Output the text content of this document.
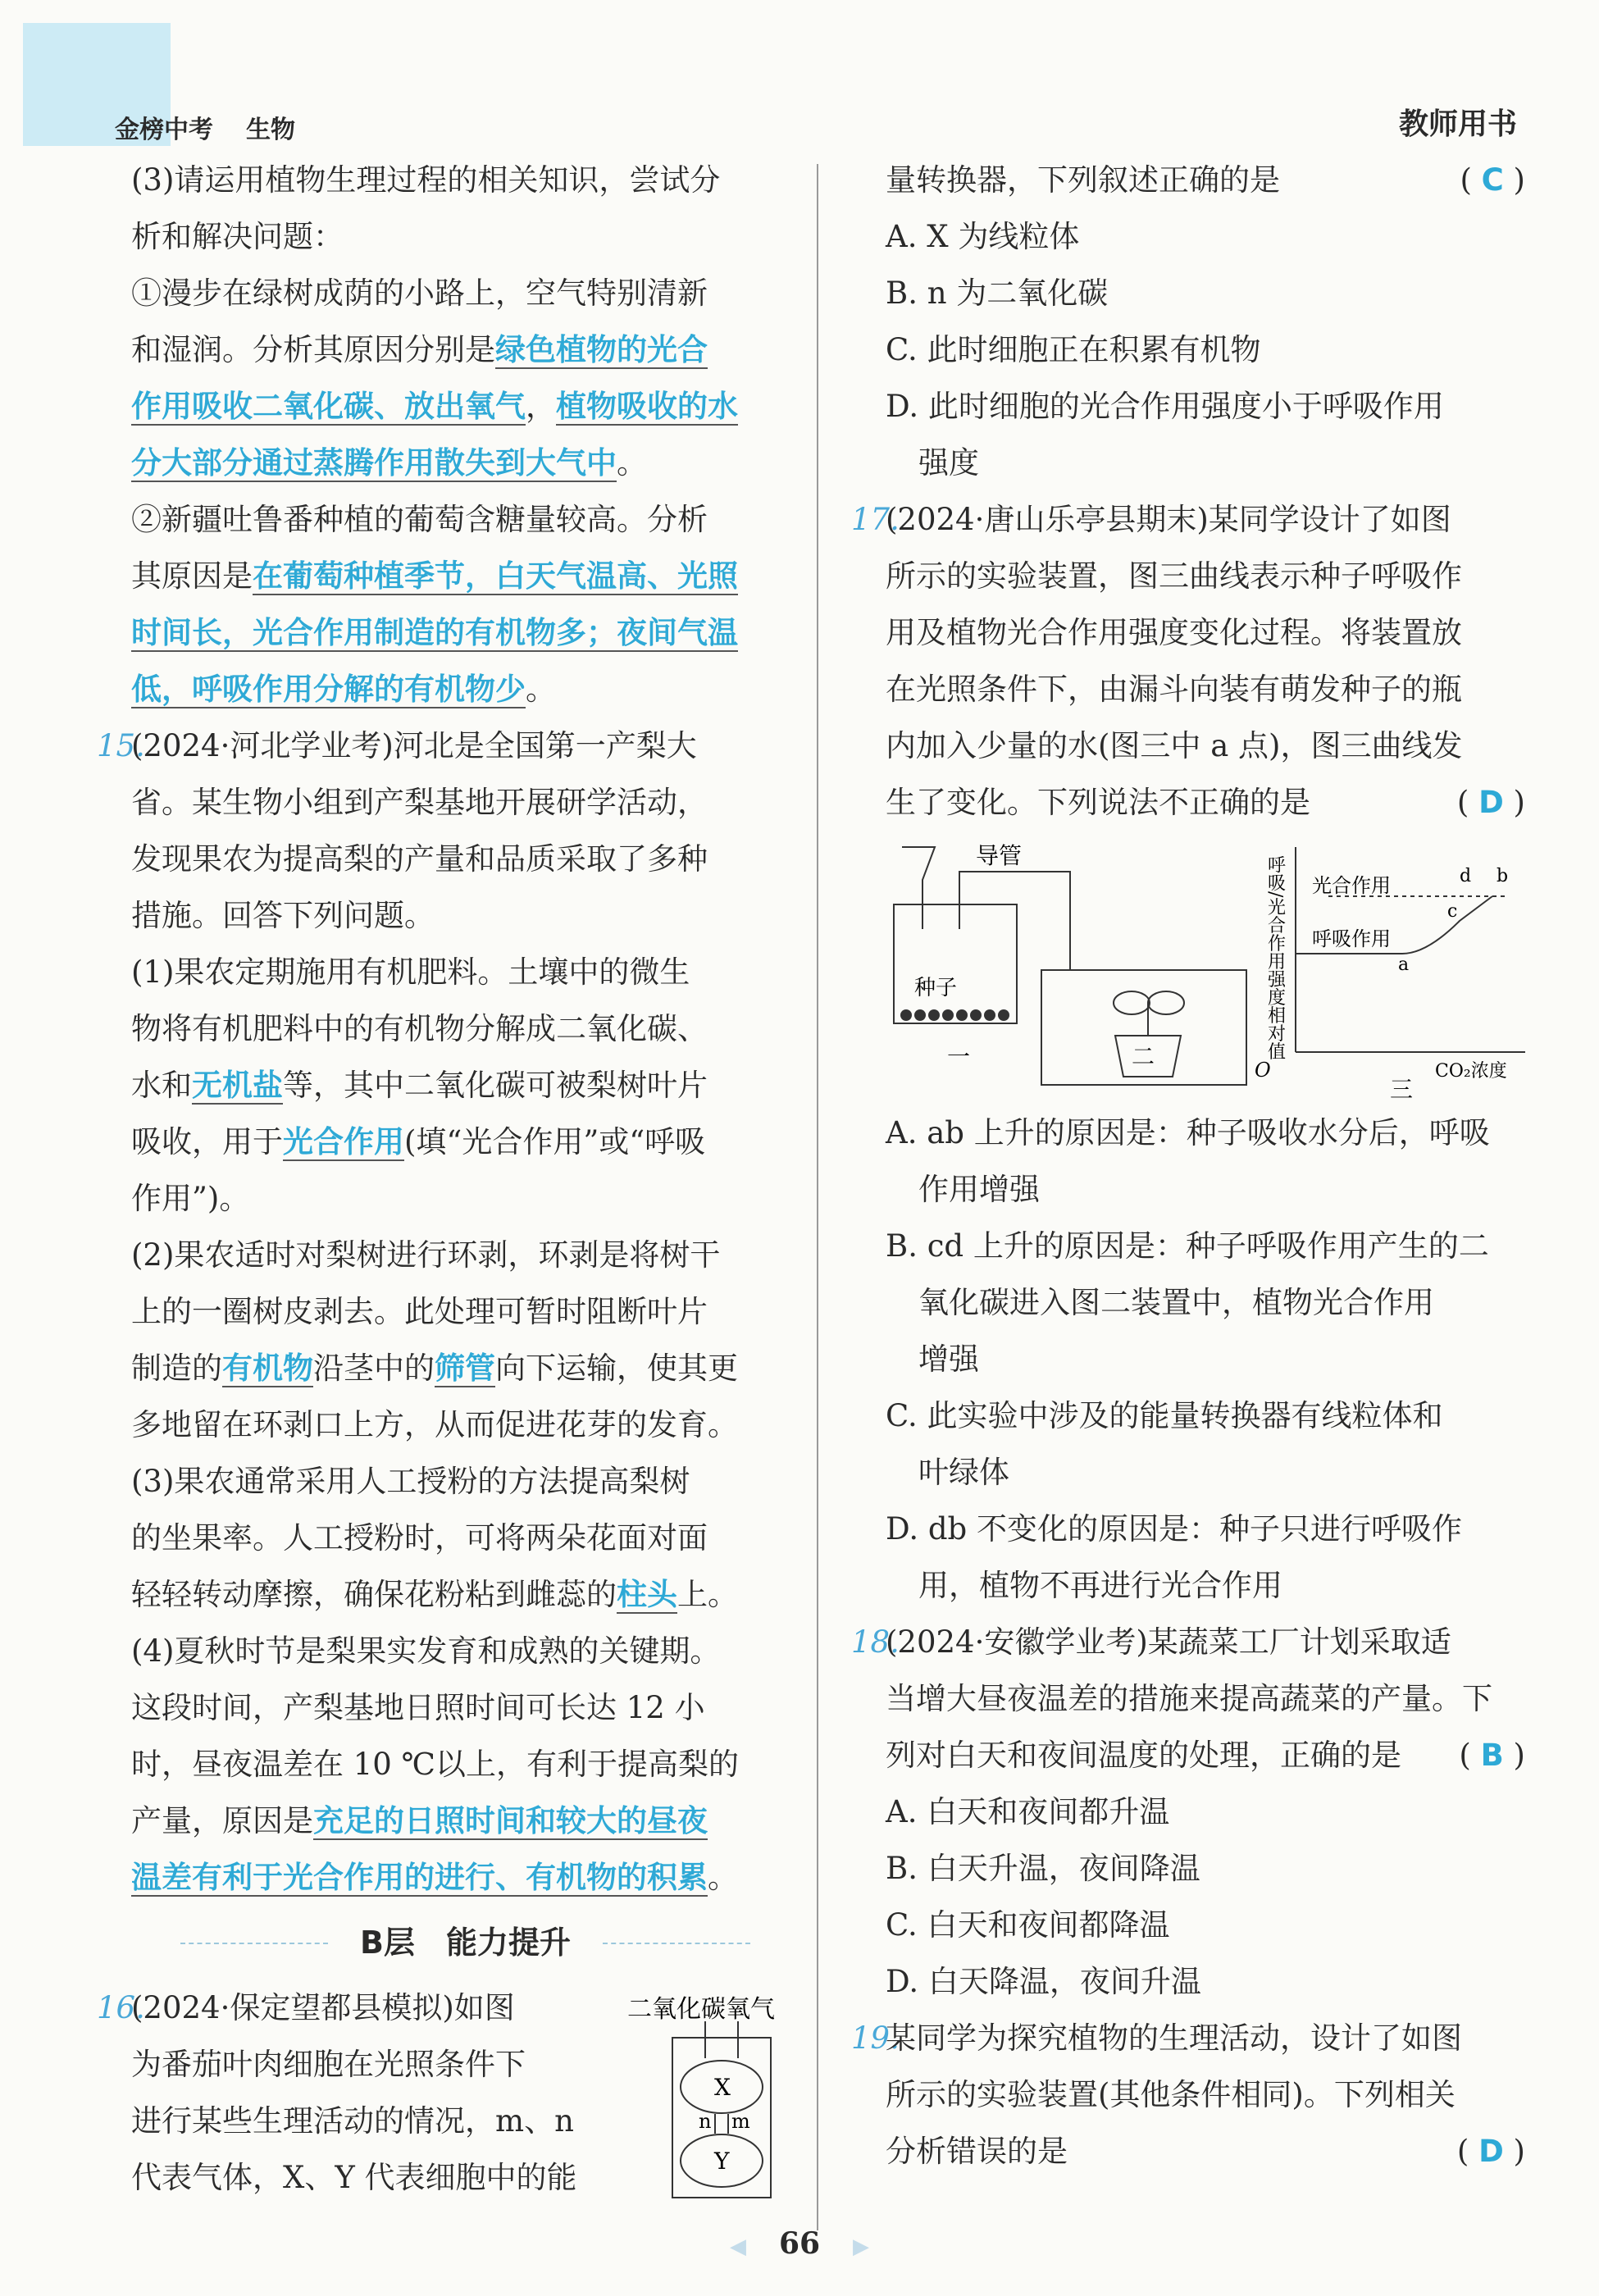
金榜中考 生物	教师用书
(3)请运用植物生理过程的相关知识，尝试分
析和解决问题：
①漫步在绿树成荫的小路上，空气特别清新
和湿润。分析其原因分别是绿色植物的光合
作用吸收二氧化碳、放出氧气，植物吸收的水
分大部分通过蒸腾作用散失到大气中。
②新疆吐鲁番种植的葡萄含糖量较高。分析
其原因是在葡萄种植季节，白天气温高、光照
时间长，光合作用制造的有机物多；夜间气温
低，呼吸作用分解的有机物少。
15.(2024·河北学业考)河北是全国第一产梨大
省。某生物小组到产梨基地开展研学活动，
发现果农为提高梨的产量和品质采取了多种
措施。回答下列问题。
(1)果农定期施用有机肥料。土壤中的微生
物将有机肥料中的有机物分解成二氧化碳、
水和无机盐等，其中二氧化碳可被梨树叶片
吸收，用于光合作用(填“光合作用”或“呼吸
作用”)。
(2)果农适时对梨树进行环剥，环剥是将树干
上的一圈树皮剥去。此处理可暂时阻断叶片
制造的有机物沿茎中的筛管向下运输，使其更
多地留在环剥口上方，从而促进花芽的发育。
(3)果农通常采用人工授粉的方法提高梨树
的坐果率。人工授粉时，可将两朵花面对面
轻轻转动摩擦，确保花粉粘到雌蕊的柱头上。
(4)夏秋时节是梨果实发育和成熟的关键期。
这段时间，产梨基地日照时间可长达 12 小
时，昼夜温差在 10 ℃以上，有利于提高梨的
产量，原因是充足的日照时间和较大的昼夜
温差有利于光合作用的进行、有机物的积累。
B层　能力提升
16.(2024·保定望都县模拟)如图
为番茄叶肉细胞在光照条件下
进行某些生理活动的情况，m、n
代表气体，X、Y 代表细胞中的能
二氧化碳 氧气
X
Y
n m
量转换器，下列叙述正确的是	( C )
A. X 为线粒体
B. n 为二氧化碳
C. 此时细胞正在积累有机物
D. 此时细胞的光合作用强度小于呼吸作用
强度
17.(2024·唐山乐亭县期末)某同学设计了如图
所示的实验装置，图三曲线表示种子呼吸作
用及植物光合作用强度变化过程。将装置放
在光照条件下，由漏斗向装有萌发种子的瓶
内加入少量的水(图三中 a 点)，图三曲线发
生了变化。下列说法不正确的是	( D )
导管
种子
一	二
三
光合作用
呼吸作用
O	CO₂浓度
a
c
d b
呼吸/光合作用强度相对值
A. ab 上升的原因是：种子吸收水分后，呼吸
作用增强
B. cd 上升的原因是：种子呼吸作用产生的二
氧化碳进入图二装置中，植物光合作用
增强
C. 此实验中涉及的能量转换器有线粒体和
叶绿体
D. db 不变化的原因是：种子只进行呼吸作
用，植物不再进行光合作用
18.(2024·安徽学业考)某蔬菜工厂计划采取适
当增大昼夜温差的措施来提高蔬菜的产量。下
列对白天和夜间温度的处理，正确的是 ( B )
A. 白天和夜间都升温
B. 白天升温，夜间降温
C. 白天和夜间都降温
D. 白天降温，夜间升温
19.某同学为探究植物的生理活动，设计了如图
所示的实验装置(其他条件相同)。下列相关
分析错误的是	( D )
◀ 66 ▶
